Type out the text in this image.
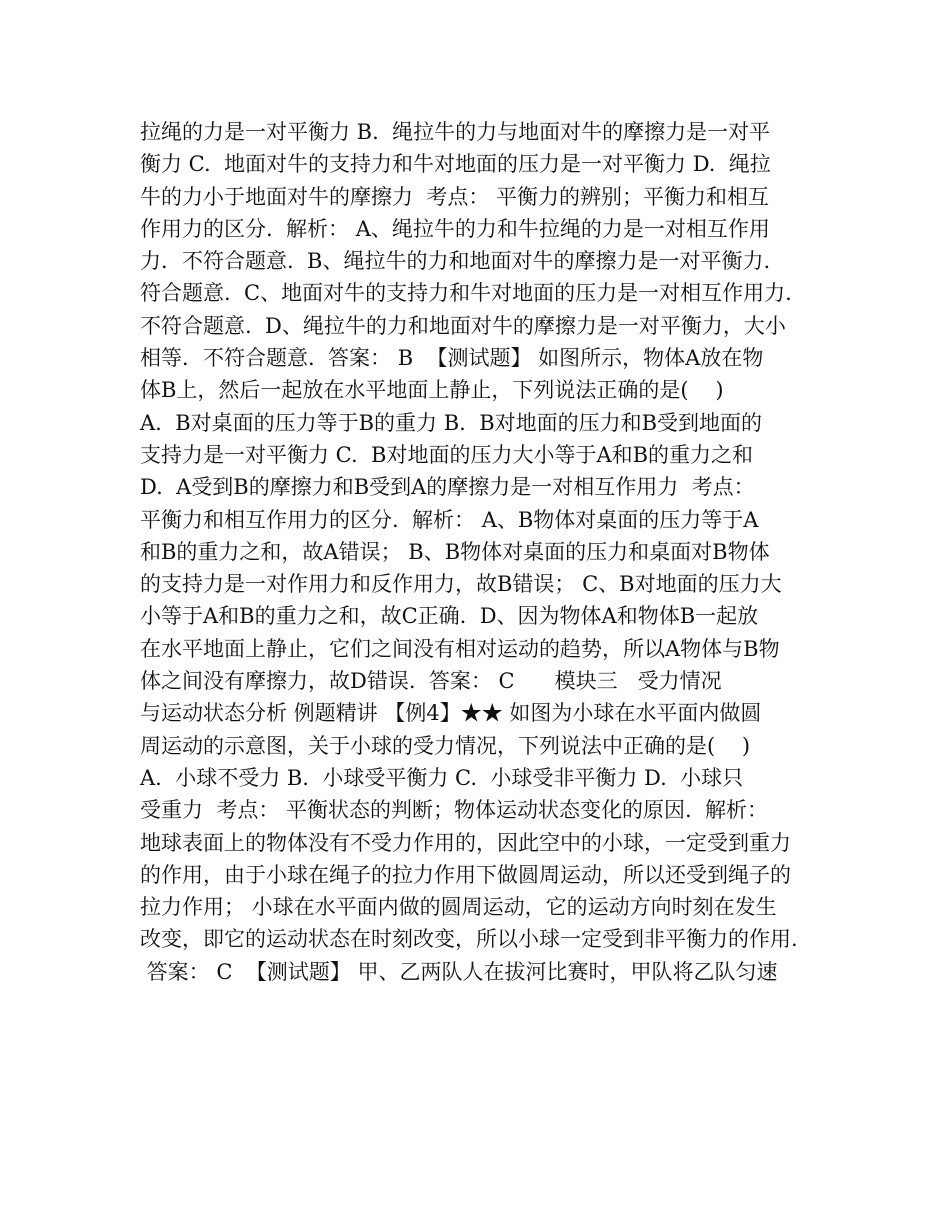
拉绳的力是一对平衡力 B.  绳拉牛的力与地面对牛的摩擦力是一对平
衡力 C.  地面对牛的支持力和牛对地面的压力是一对平衡力 D.  绳拉
牛的力小于地面对牛的摩擦力  考点： 平衡力的辨别；平衡力和相互
作用力的区分.  解析： A、绳拉牛的力和牛拉绳的力是一对相互作用
力．不符合题意.  B、绳拉牛的力和地面对牛的摩擦力是一对平衡力.
符合题意.  C、地面对牛的支持力和牛对地面的压力是一对相互作用力.
不符合题意.  D、绳拉牛的力和地面对牛的摩擦力是一对平衡力，大小
相等．不符合题意.  答案： B  【测试题】 如图所示，物体A放在物
体B上，然后一起放在水平地面上静止，下列说法正确的是(    )
A.  B对桌面的压力等于B的重力 B.  B对地面的压力和B受到地面的
支持力是一对平衡力 C.  B对地面的压力大小等于A和B的重力之和
D.  A受到B的摩擦力和B受到A的摩擦力是一对相互作用力  考点：
平衡力和相互作用力的区分.  解析： A、B物体对桌面的压力等于A
和B的重力之和，故A错误； B、B物体对桌面的压力和桌面对B物体
的支持力是一对作用力和反作用力，故B错误； C、B对地面的压力大
小等于A和B的重力之和，故C正确.  D、因为物体A和物体B一起放
在水平地面上静止，它们之间没有相对运动的趋势，所以A物体与B物
体之间没有摩擦力，故D错误.  答案： C      模块三   受力情况
与运动状态分析 例题精讲 【例4】★★ 如图为小球在水平面内做圆
周运动的示意图，关于小球的受力情况，下列说法中正确的是(    )
A.  小球不受力 B.  小球受平衡力 C.  小球受非平衡力 D.  小球只
受重力  考点： 平衡状态的判断；物体运动状态变化的原因.  解析：
地球表面上的物体没有不受力作用的，因此空中的小球，一定受到重力
的作用，由于小球在绳子的拉力作用下做圆周运动，所以还受到绳子的
拉力作用； 小球在水平面内做的圆周运动，它的运动方向时刻在发生
改变，即它的运动状态在时刻改变，所以小球一定受到非平衡力的作用.
答案： C  【测试题】 甲、乙两队人在拔河比赛时，甲队将乙队匀速
